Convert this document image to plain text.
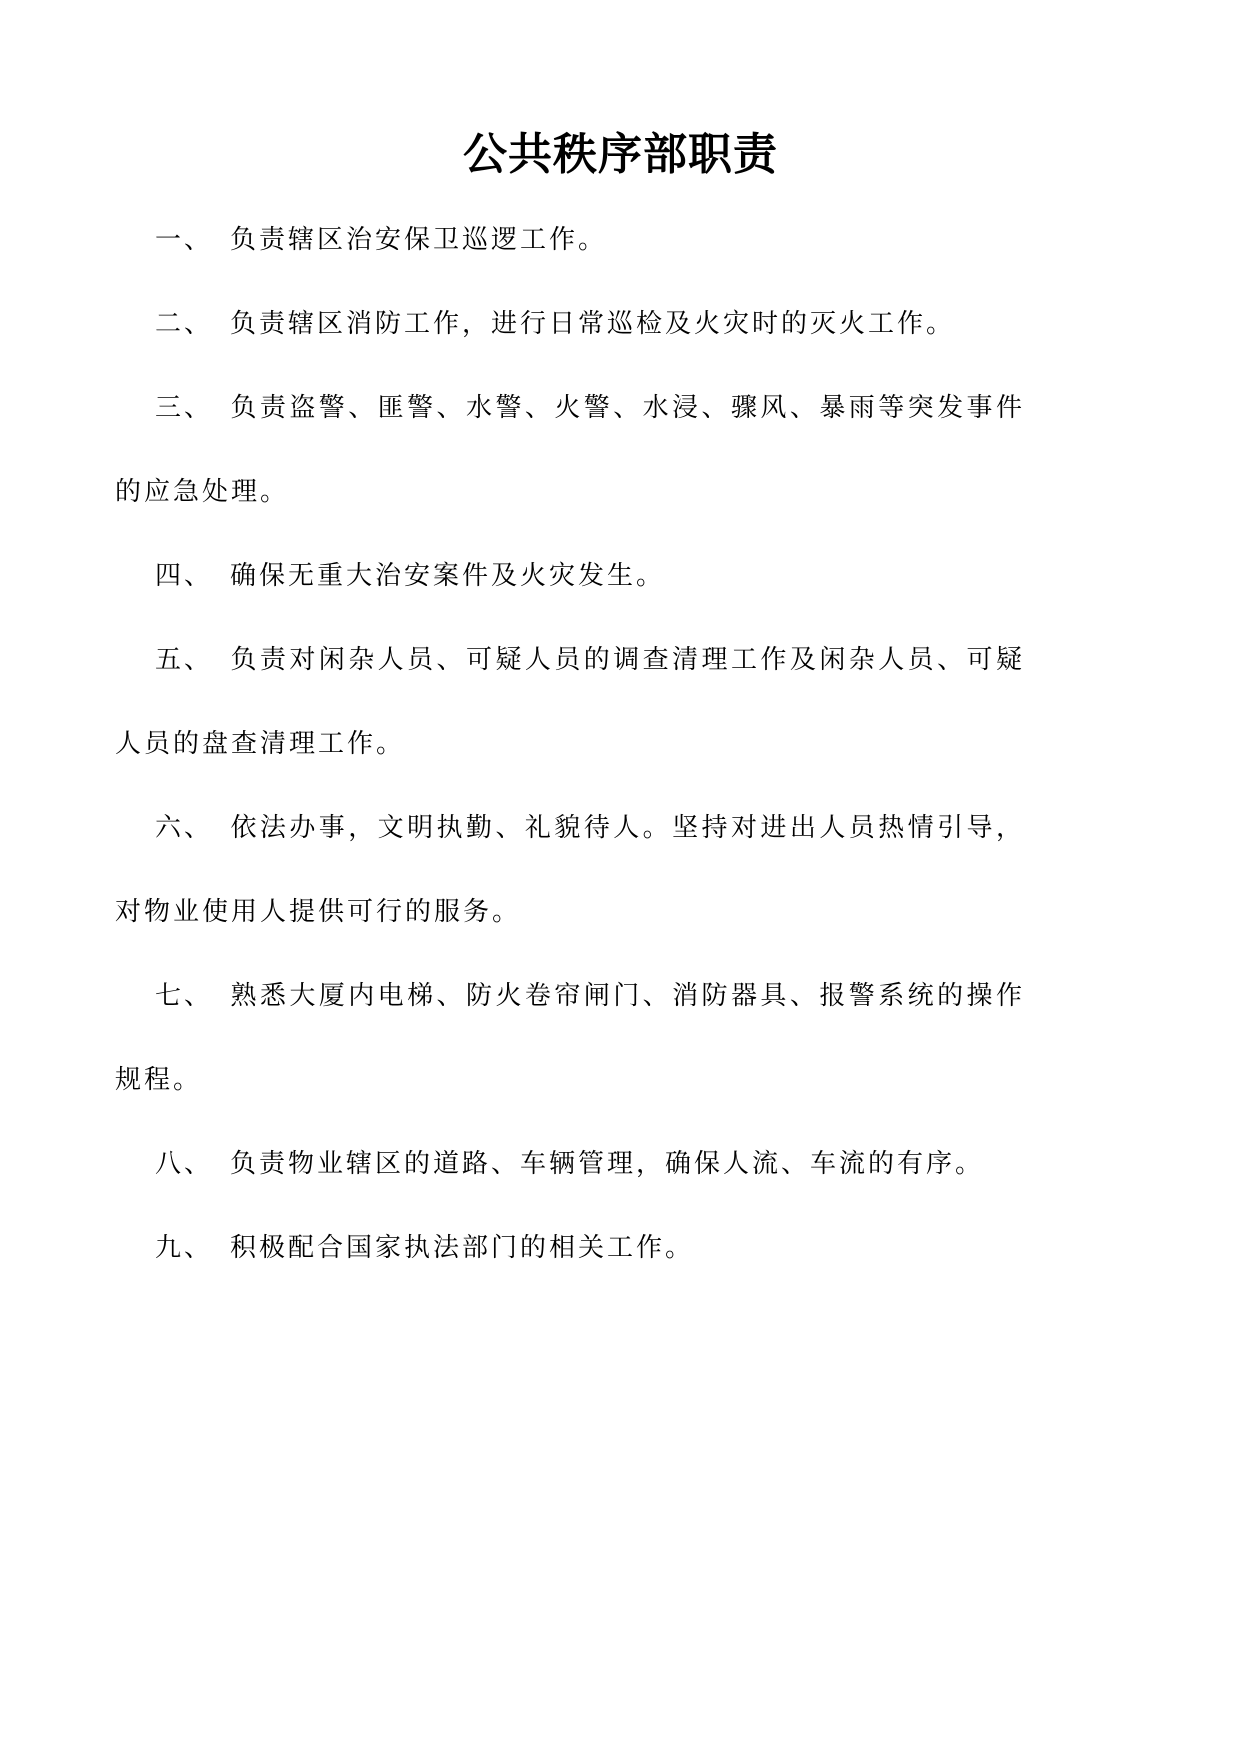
公共秩序部职责

一、 负责辖区治安保卫巡逻工作。

二、 负责辖区消防工作，进行日常巡检及火灾时的灭火工作。

三、 负责盗警、匪警、水警、火警、水浸、骤风、暴雨等突发事件的应急处理。

四、 确保无重大治安案件及火灾发生。

五、 负责对闲杂人员、可疑人员的调查清理工作及闲杂人员、可疑人员的盘查清理工作。

六、 依法办事，文明执勤、礼貌待人。坚持对进出人员热情引导，对物业使用人提供可行的服务。

七、 熟悉大厦内电梯、防火卷帘闸门、消防器具、报警系统的操作规程。

八、 负责物业辖区的道路、车辆管理，确保人流、车流的有序。

九、 积极配合国家执法部门的相关工作。
